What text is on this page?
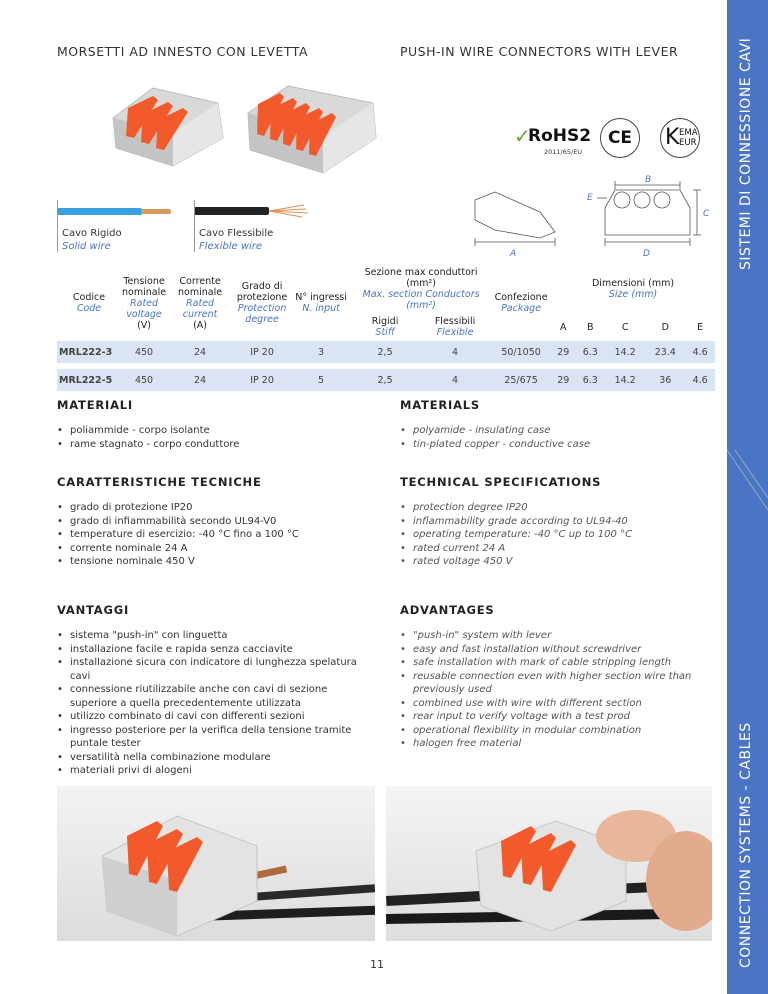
SISTEMI DI CONNESSIONE CAVI
CONNECTION SYSTEMS - CABLES
MORSETTI AD INNESTO CON LEVETTA	PUSH-IN WIRE CONNECTORS WITH LEVER
✓
RoHS2
2011/65/EU
CE	K EMA
EUR
Cavo Rigido
Solid wire
Cavo Flessibile
Flexible wire
A
B
C
D
E
Codice
Code	Tensione nominale
Rated voltage
(V)	Corrente nominale
Rated current
(A)	Grado di protezione
Protection degree	N° ingressi
N. input	Sezione max conduttori (mm²)
Max. section Conductors (mm²)		Confezione
Package	Dimensioni (mm)
Size (mm)				

					Rigidi
Stiff	Flessibili
Flexible		A	B	C	D	E
MRL222-3	450	24	IP 20	3	2,5	4	50/1050	29	6.3	14.2	23.4	4.6

MRL222-5	450	24	IP 20	5	2,5	4	25/675	29	6.3	14.2	36	4.6
MATERIALI
• poliammide - corpo isolante
• rame stagnato - corpo conduttore
MATERIALS
• polyamide - insulating case
• tin-plated copper - conductive case
CARATTERISTICHE TECNICHE
• grado di protezione IP20
• grado di infiammabilità secondo UL94-V0
• temperature di esercizio: -40 °C fino a 100 °C
• corrente nominale 24 A
• tensione nominale 450 V
TECHNICAL SPECIFICATIONS
• protection degree IP20
• inflammability grade according to UL94-40
• operating temperature: -40 °C up to 100 °C
• rated current 24 A
• rated voltage 450 V
VANTAGGI
• sistema "push-in" con linguetta
• installazione facile e rapida senza cacciavite
• installazione sicura con indicatore di lunghezza spelatura cavi
• connessione riutilizzabile anche con cavi di sezione superiore a quella precedentemente utilizzata
• utilizzo combinato di cavi con differenti sezioni
• ingresso posteriore per la verifica della tensione tramite puntale tester
• versatilità nella combinazione modulare
• materiali privi di alogeni
ADVANTAGES
• "push-in" system with lever
• easy and fast installation without screwdriver
• safe installation with mark of cable stripping length
• reusable connection even with higher section wire than previously used
• combined use with wire with different section
• rear input to verify voltage with a test prod
• operational flexibility in modular combination
• halogen free material
11
